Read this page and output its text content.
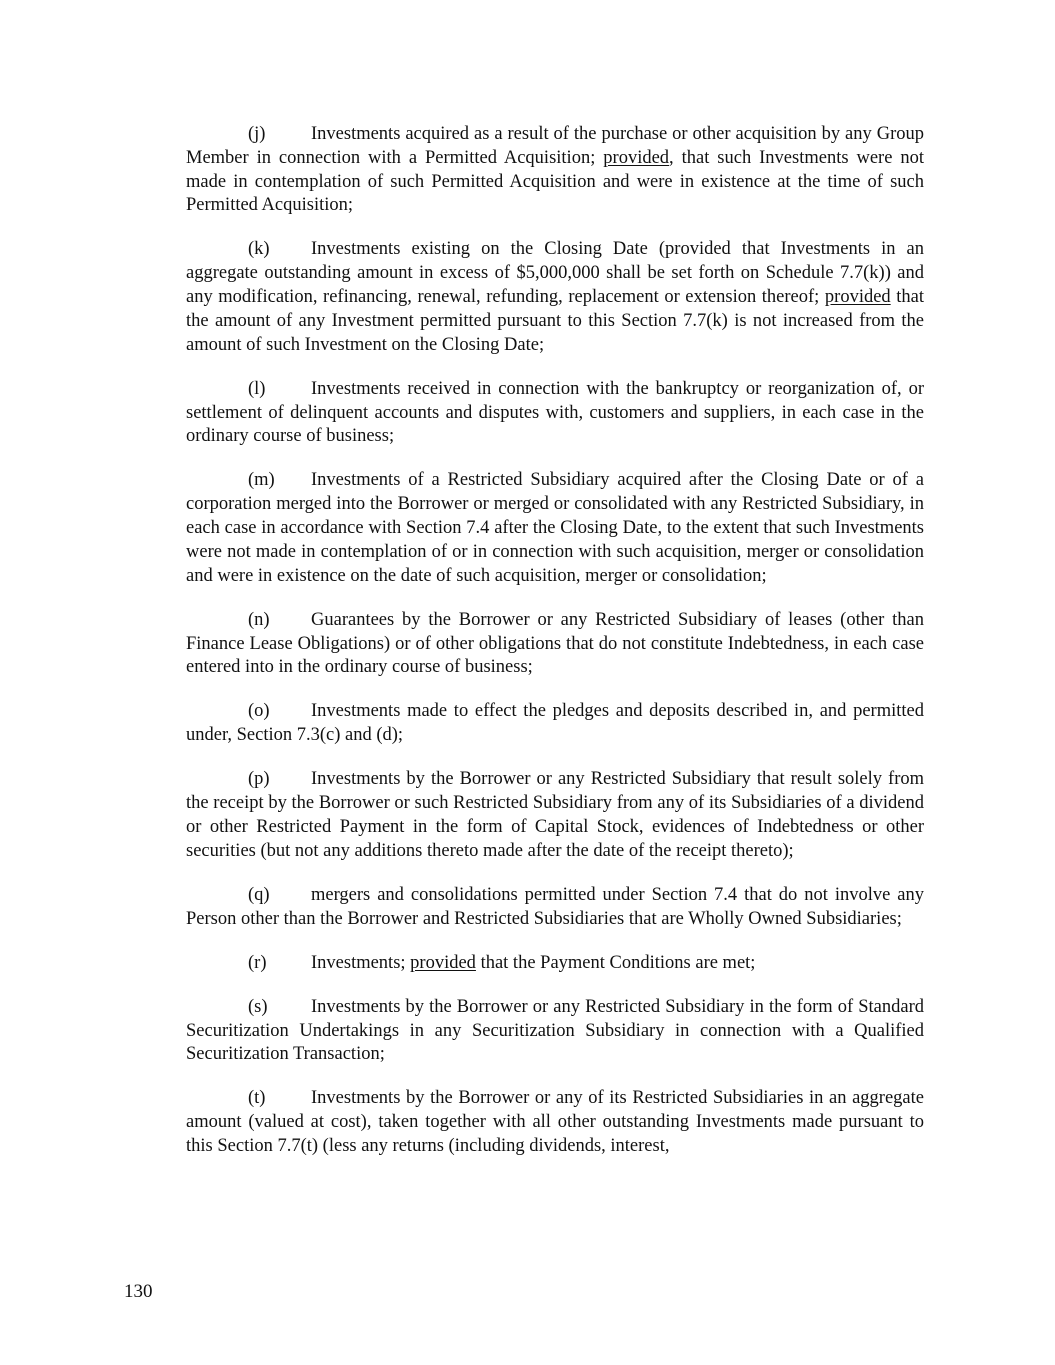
(j) Investments acquired as a result of the purchase or other acquisition by any Group Member in connection with a Permitted Acquisition; provided, that such Investments were not made in contemplation of such Permitted Acquisition and were in existence at the time of such Permitted Acquisition;

(k) Investments existing on the Closing Date (provided that Investments in an aggregate outstanding amount in excess of $5,000,000 shall be set forth on Schedule 7.7(k)) and any modification, refinancing, renewal, refunding, replacement or extension thereof; provided that the amount of any Investment permitted pursuant to this Section 7.7(k) is not increased from the amount of such Investment on the Closing Date;

(l) Investments received in connection with the bankruptcy or reorganization of, or settlement of delinquent accounts and disputes with, customers and suppliers, in each case in the ordinary course of business;

(m) Investments of a Restricted Subsidiary acquired after the Closing Date or of a corporation merged into the Borrower or merged or consolidated with any Restricted Subsidiary, in each case in accordance with Section 7.4 after the Closing Date, to the extent that such Investments were not made in contemplation of or in connection with such acquisition, merger or consolidation and were in existence on the date of such acquisition, merger or consolidation;

(n) Guarantees by the Borrower or any Restricted Subsidiary of leases (other than Finance Lease Obligations) or of other obligations that do not constitute Indebtedness, in each case entered into in the ordinary course of business;

(o) Investments made to effect the pledges and deposits described in, and permitted under, Section 7.3(c) and (d);

(p) Investments by the Borrower or any Restricted Subsidiary that result solely from the receipt by the Borrower or such Restricted Subsidiary from any of its Subsidiaries of a dividend or other Restricted Payment in the form of Capital Stock, evidences of Indebtedness or other securities (but not any additions thereto made after the date of the receipt thereto);

(q) mergers and consolidations permitted under Section 7.4 that do not involve any Person other than the Borrower and Restricted Subsidiaries that are Wholly Owned Subsidiaries;

(r) Investments; provided that the Payment Conditions are met;

(s) Investments by the Borrower or any Restricted Subsidiary in the form of Standard Securitization Undertakings in any Securitization Subsidiary in connection with a Qualified Securitization Transaction;

(t) Investments by the Borrower or any of its Restricted Subsidiaries in an aggregate amount (valued at cost), taken together with all other outstanding Investments made pursuant to this Section 7.7(t) (less any returns (including dividends, interest,

130
